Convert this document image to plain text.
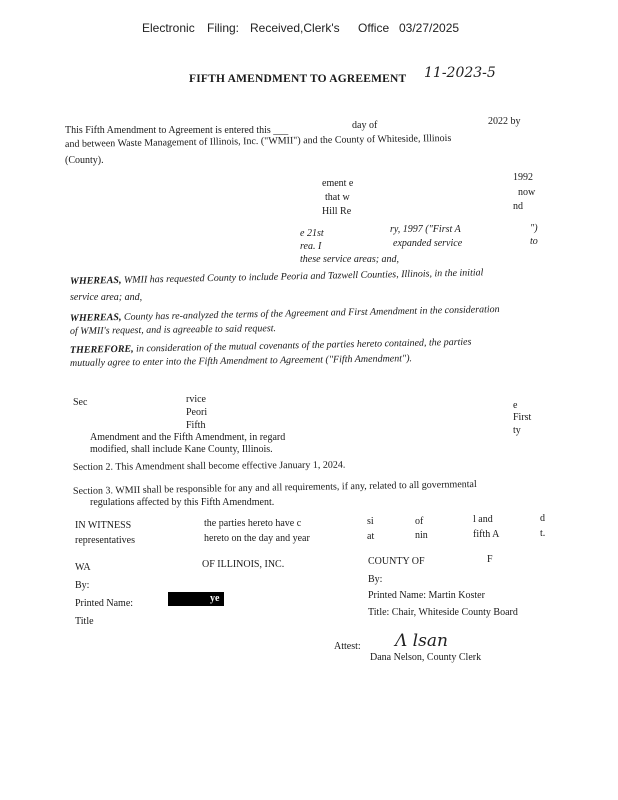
Electronic Filing: Received,Clerk's Office 03/27/2025
FIFTH AMENDMENT TO AGREEMENT 11-2023-5
This Fifth Amendment to Agreement is entered this ___	day of	2022 by
and between Waste Management of Illinois, Inc. ("WMII") and the County of Whiteside, Illinois
(County).
ement e
1992
that w	now
Hill Re	nd
e 21st	ry, 1997 ("First A	")
rea. I	expanded service	to
these service areas; and,
WHEREAS, WMII has requested County to include Peoria and Tazwell Counties, Illinois, in the initial
service area; and,
WHEREAS, County has re-analyzed the terms of the Agreement and First Amendment in the consideration
of WMII's request, and is agreeable to said request.
THEREFORE, in consideration of the mutual covenants of the parties hereto contained, the parties
mutually agree to enter into the Fifth Amendment to Agreement ("Fifth Amendment").
Sec	rvice
Peori
Fifth
e
First
ty
Amendment and the Fifth Amendment, in regard
modified, shall include Kane County, Illinois.
Section 2. This Amendment shall become effective January 1, 2024.
Section 3. WMII shall be responsible for any and all requirements, if any, related to all governmental
regulations affected by this Fifth Amendment.
IN WITNESS	the parties hereto have c	si	of	l and	d
representatives	hereto on the day and year	at	nin	fifth A	t.
WA	OF ILLINOIS, INC.
By:
Printed Name:	ye
Title
COUNTY OF	F
By:
Printed Name: Martin Koster
Title: Chair, Whiteside County Board
Attest: Λ lsan
Dana Nelson, County Clerk
